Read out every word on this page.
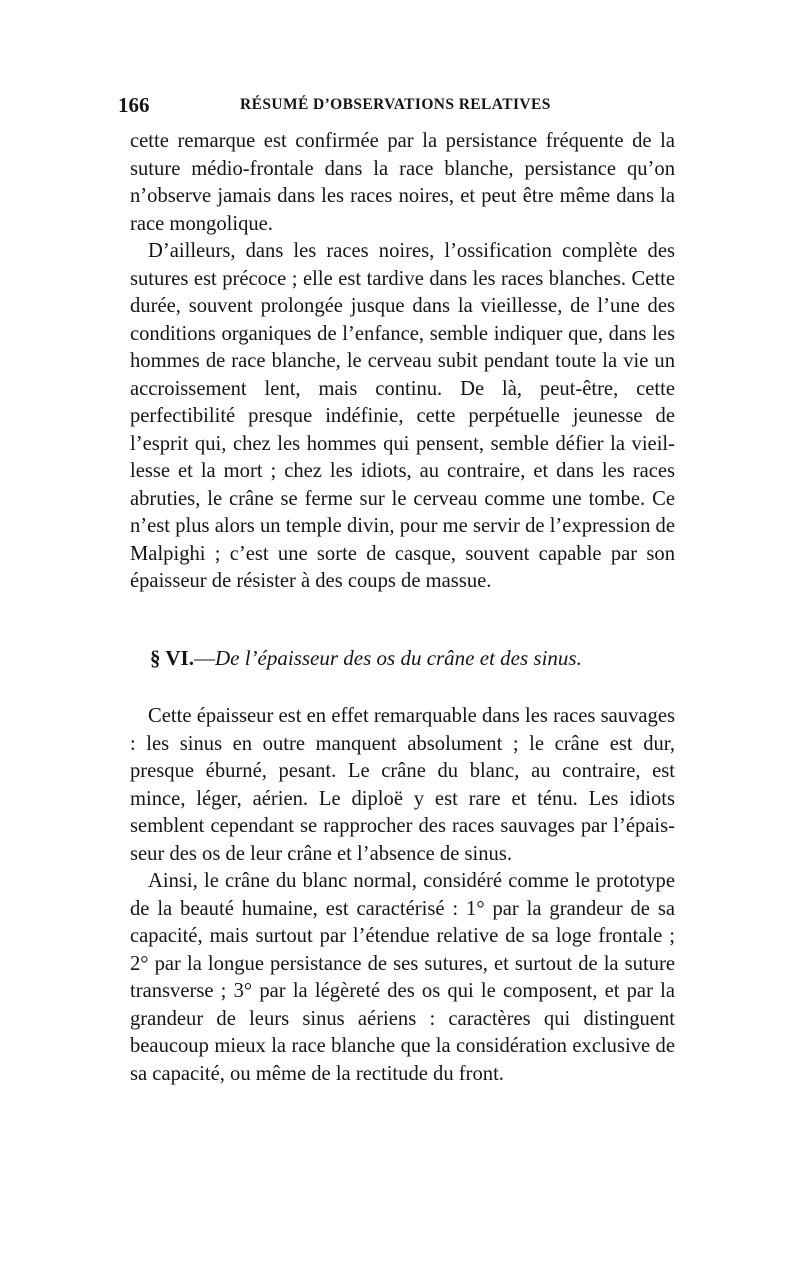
166	RÉSUMÉ D’OBSERVATIONS RELATIVES

cette remarque est confirmée par la persistance fréquente de la suture médio-frontale dans la race blanche, persistance qu’on n’observe jamais dans les races noires, et peut être même dans la race mongolique.

D’ailleurs, dans les races noires, l’ossification complète des sutures est précoce ; elle est tardive dans les races blanches. Cette durée, souvent prolongée jusque dans la vieillesse, de l’une des conditions organiques de l’enfance, semble indiquer que, dans les hommes de race blanche, le cerveau subit pendant toute la vie un accroissement lent, mais continu. De là, peut-être, cette perfectibilité presque indéfinie, cette perpétuelle jeunesse de l’esprit qui, chez les hommes qui pensent, semble défier la vieillesse et la mort ; chez les idiots, au contraire, et dans les races abruties, le crâne se ferme sur le cerveau comme une tombe. Ce n’est plus alors un temple divin, pour me servir de l’expression de Malpighi ; c’est une sorte de casque, souvent capable par son épaisseur de résister à des coups de massue.

§ VI.—De l’épaisseur des os du crâne et des sinus.

Cette épaisseur est en effet remarquable dans les races sauvages : les sinus en outre manquent absolument ; le crâne est dur, presque éburné, pesant. Le crâne du blanc, au contraire, est mince, léger, aérien. Le diploë y est rare et ténu. Les idiots semblent cependant se rapprocher des races sauvages par l’épaisseur des os de leur crâne et l’absence de sinus.

Ainsi, le crâne du blanc normal, considéré comme le prototype de la beauté humaine, est caractérisé : 1° par la grandeur de sa capacité, mais surtout par l’étendue relative de sa loge frontale ; 2° par la longue persistance de ses sutures, et surtout de la suture transverse ; 3° par la légèreté des os qui le composent, et par la grandeur de leurs sinus aériens : caractères qui distinguent beaucoup mieux la race blanche que la considération exclusive de sa capacité, ou même de la rectitude du front.
